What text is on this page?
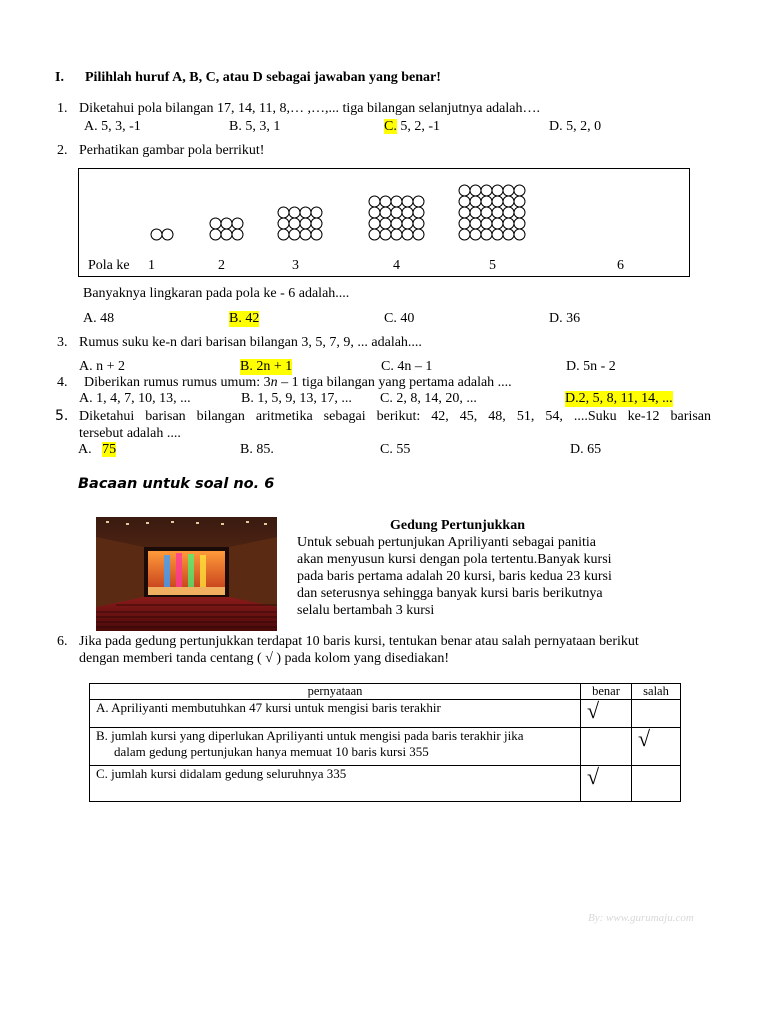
I. Pilihlah huruf A, B, C, atau D sebagai jawaban yang benar!
1. Diketahui pola bilangan 17, 14, 11, 8,… ,…,... tiga bilangan selanjutnya adalah….
A. 5, 3, -1	B. 5, 3, 1	C. 5, 2, -1	D. 5, 2, 0
2. Perhatikan gambar pola berrikut!
Pola ke 1	2	3	4	5	6
Banyaknya lingkaran pada pola ke - 6 adalah....
A. 48	B. 42	C. 40	D. 36
3. Rumus suku ke-n dari barisan bilangan 3, 5, 7, 9, ... adalah....
A. n + 2	B. 2n + 1	C. 4n – 1	D. 5n - 2
4. Diberikan rumus rumus umum: 3n – 1 tiga bilangan yang pertama adalah ....
A. 1, 4, 7, 10, 13, ...	B. 1, 5, 9, 13, 17, ... C. 2, 8, 14, 20, ...	D.2, 5, 8, 11, 14, ...
5. Diketahui barisan bilangan aritmetika sebagai berikut: 42, 45, 48, 51, 54, ....Suku ke-12 barisan
tersebut adalah ....
A. 75	B. 85.	C. 55	D. 65
Bacaan untuk soal no. 6
Gedung Pertunjukkan
Untuk sebuah pertunjukan Apriliyanti sebagai panitia
akan menyusun kursi dengan pola tertentu.Banyak kursi
pada baris pertama adalah 20 kursi, baris kedua 23 kursi
dan seterusnya sehingga banyak kursi baris berikutnya
selalu bertambah 3 kursi
6. Jika pada gedung pertunjukkan terdapat 10 baris kursi, tentukan benar atau salah pernyataan berikut
dengan memberi tanda centang ( √ ) pada kolom yang disediakan!
pernyataan	benar	salah
A. Apriliyanti membutuhkan 47 kursi untuk mengisi baris terakhir	√	

B. jumlah kursi yang diperlukan Apriliyanti untuk mengisi pada baris terakhir jika
dalam gedung pertunjukan hanya memuat 10 baris kursi 355		√
C. jumlah kursi didalam gedung seluruhnya 335	√	
By: www.gurumaju.com
